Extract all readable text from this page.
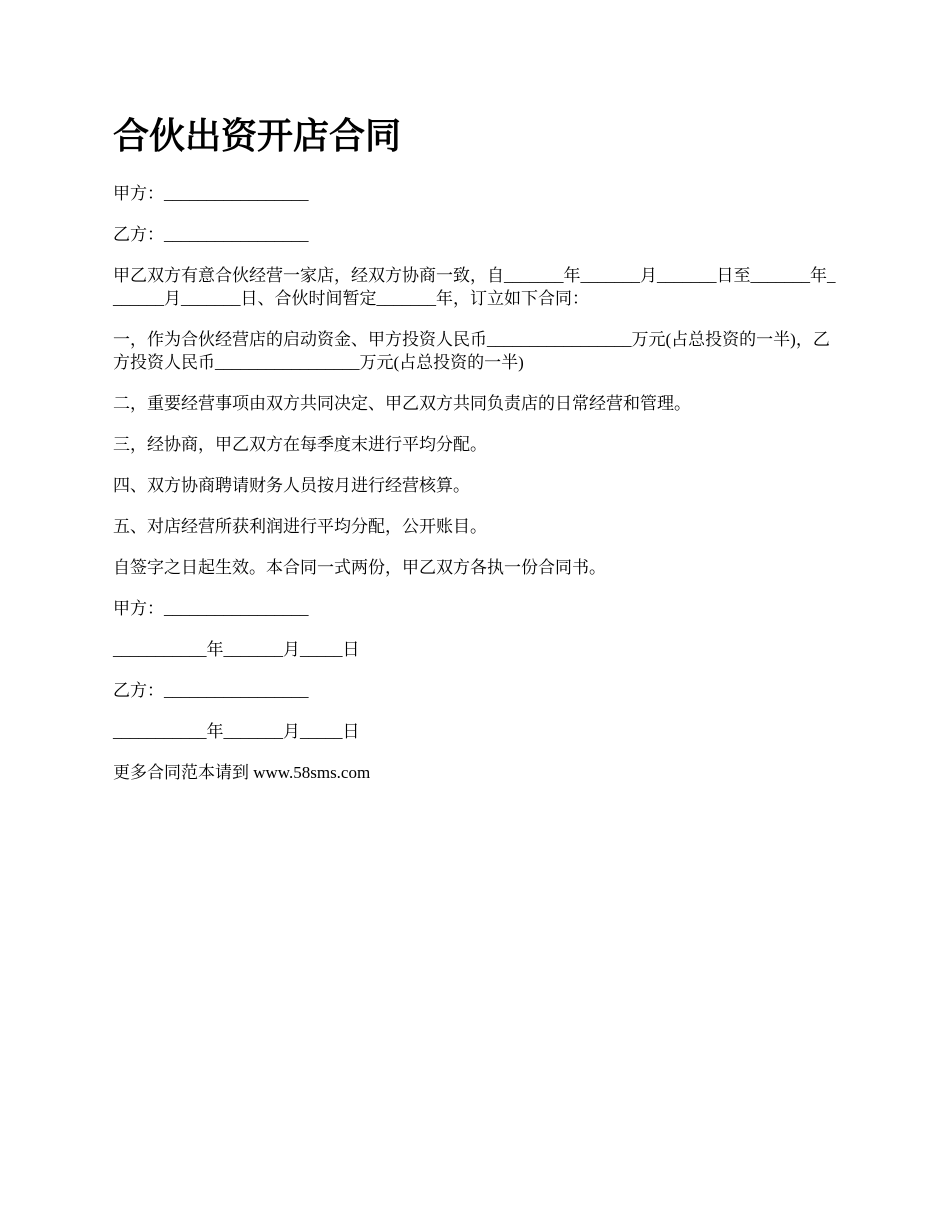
合伙出资开店合同

甲方：_________________

乙方：_________________

甲乙双方有意合伙经营一家店，经双方协商一致，自_______年_______月_______日至_______年_______月_______日、合伙时间暂定_______年，订立如下合同：

一，作为合伙经营店的启动资金、甲方投资人民币_________________万元(占总投资的一半)，乙方投资人民币_________________万元(占总投资的一半)

二，重要经营事项由双方共同决定、甲乙双方共同负责店的日常经营和管理。

三，经协商，甲乙双方在每季度末进行平均分配。

四、双方协商聘请财务人员按月进行经营核算。

五、对店经营所获利润进行平均分配，公开账目。

自签字之日起生效。本合同一式两份，甲乙双方各执一份合同书。

甲方：_________________

___________年_______月_____日

乙方：_________________

___________年_______月_____日

更多合同范本请到 www.58sms.com
